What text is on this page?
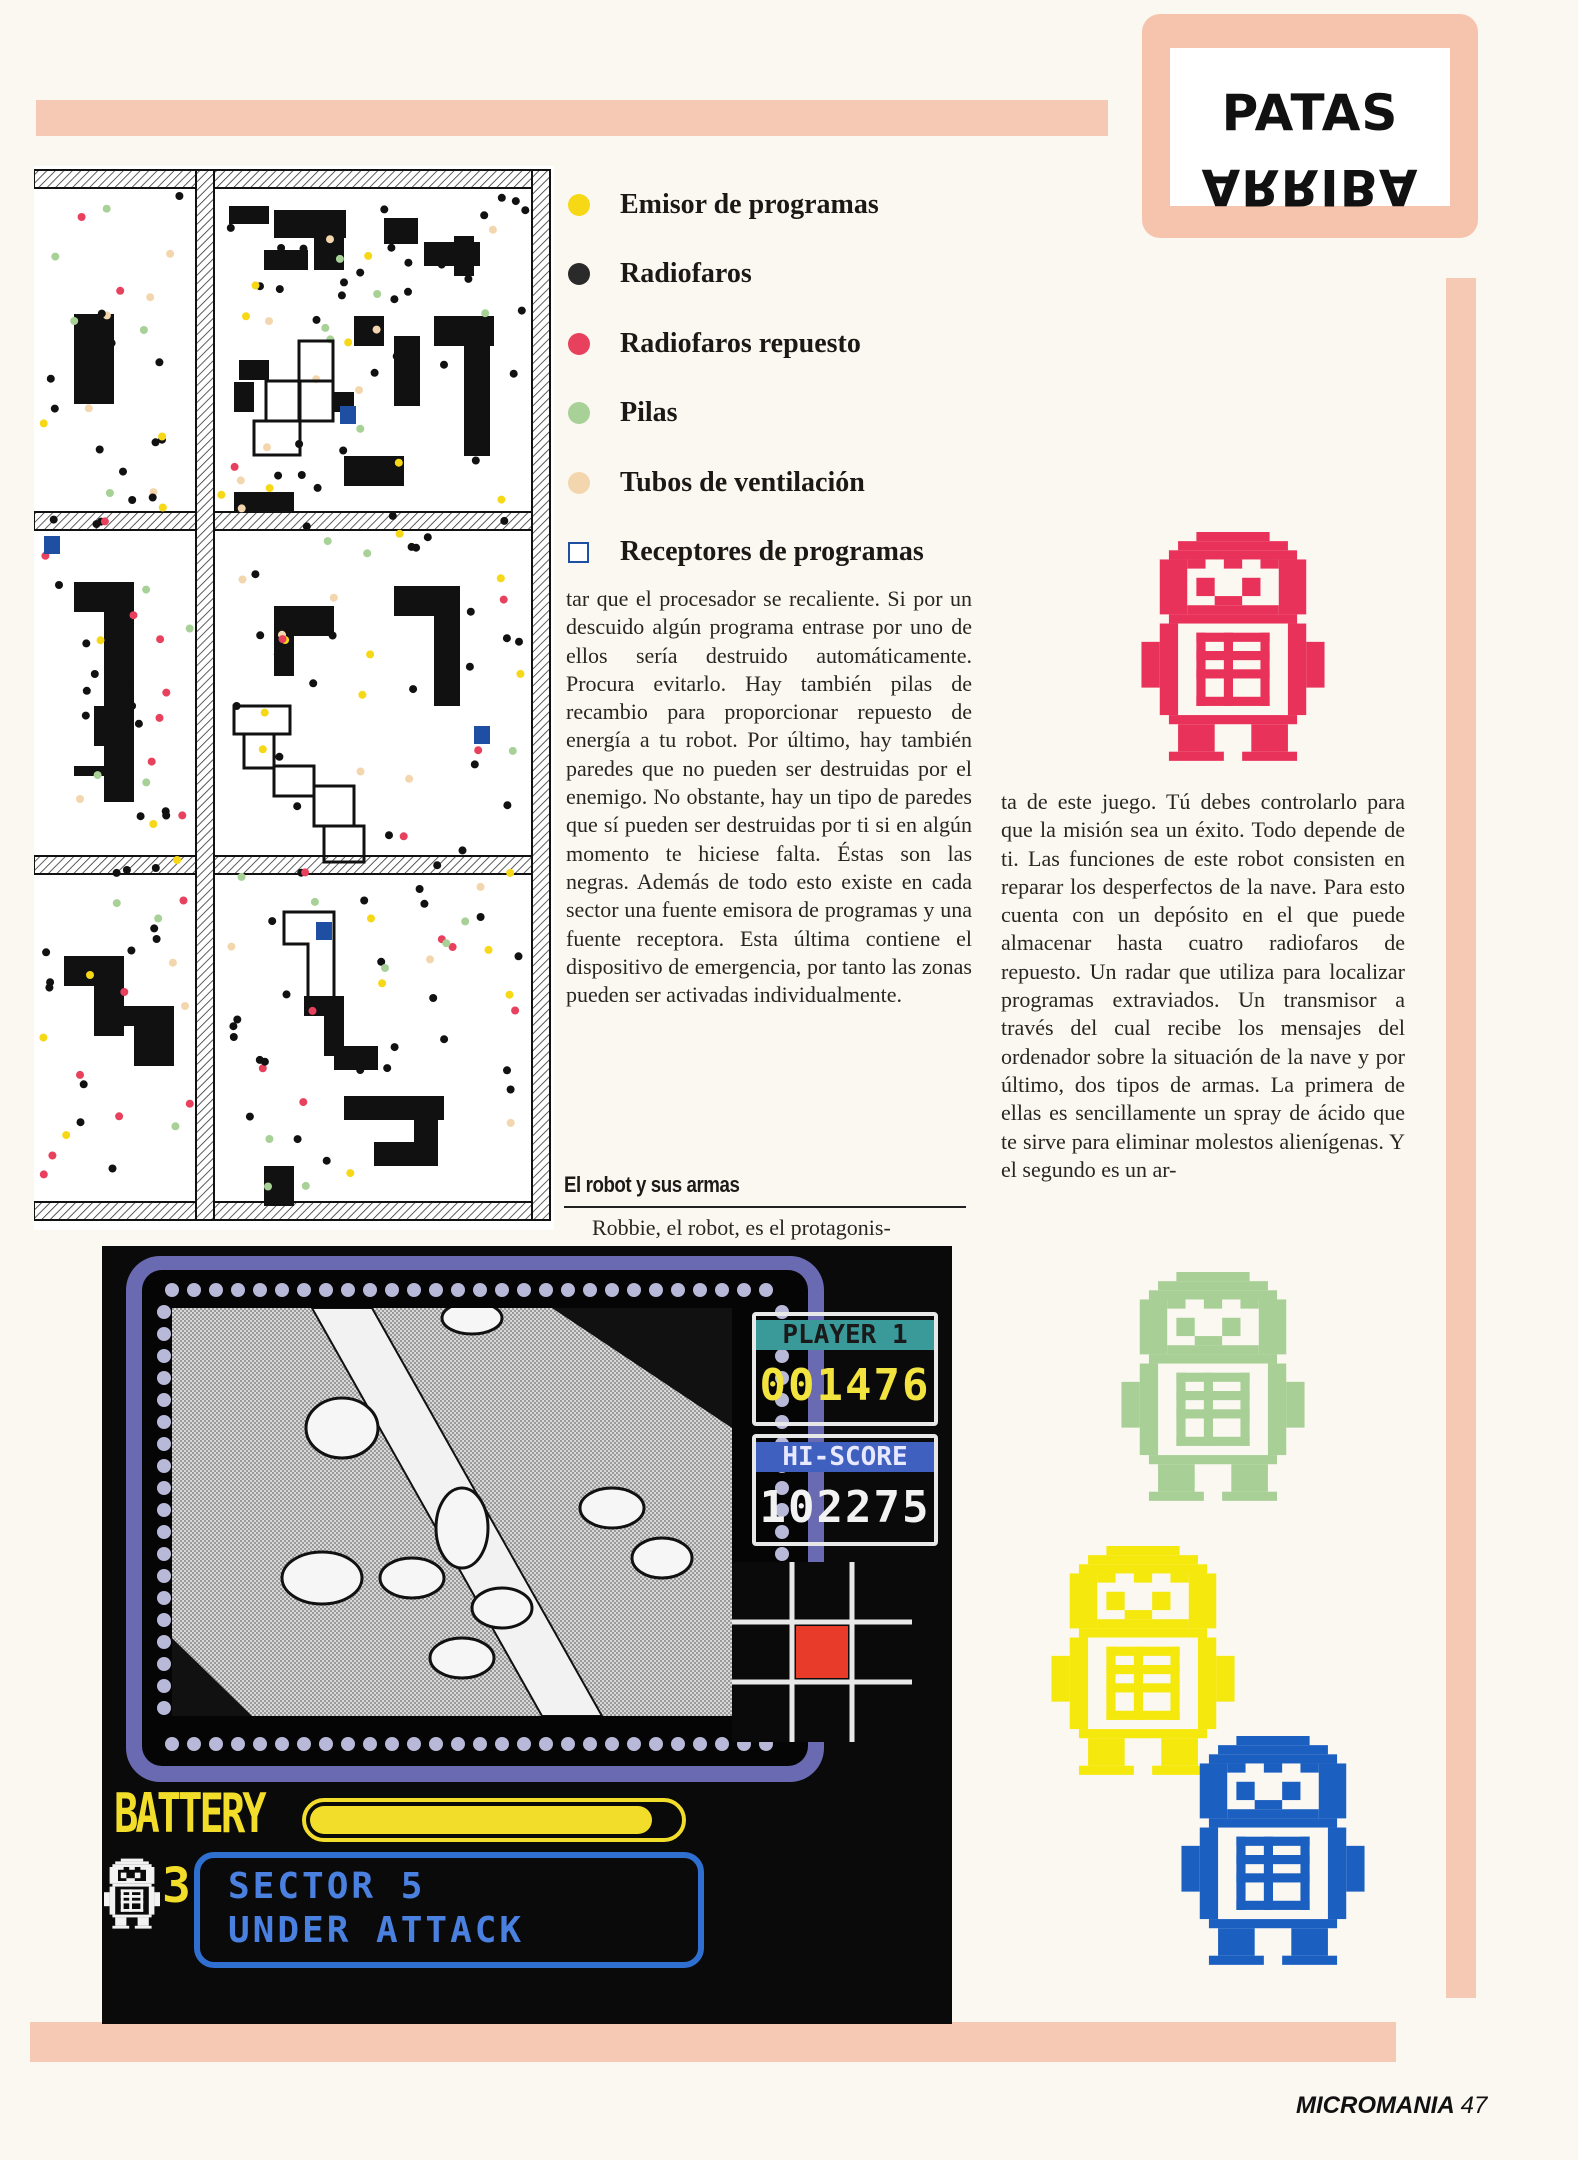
PATAS
ARRIBA
Emisor de programas
Radiofaros
Radiofaros repuesto
Pilas
Tubos de ventilación
Receptores de programas

tar que el procesador se recaliente. Si por un descuido algún programa entrase por uno de ellos sería destruido automáticamente. Procura evitarlo. Hay también pilas de recambio para proporcionar repuesto de energía a tu robot. Por último, hay también paredes que no pueden ser destruidas por el enemigo. No obstante, hay un tipo de paredes que sí pueden ser destruidas por ti si en algún momento te hiciese falta. Éstas son las negras. Además de todo esto existe en cada sector una fuente emisora de programas y una fuente receptora. Esta última contiene el dispositivo de emergencia, por tanto las zonas pueden ser activadas individualmente.

El robot y sus armas

Robbie, el robot, es el protagonis-

ta de este juego. Tú debes controlarlo para que la misión sea un éxito. Todo depende de ti. Las funciones de este robot consisten en reparar los desperfectos de la nave. Para esto cuenta con un depósito en el que puede almacenar hasta cuatro radiofaros de repuesto. Un radar que utiliza para localizar programas extraviados. Un transmisor a través del cual recibe los mensajes del ordenador sobre la situación de la nave y por último, dos tipos de armas. La primera de ellas es sencillamente un spray de ácido que te sirve para eliminar molestos alienígenas. Y el segundo es un ar-

PLAYER 1
001476
HI-SCORE
102275
BATTERY
3 SECTOR 5
UNDER ATTACK
MICROMANIA 47
